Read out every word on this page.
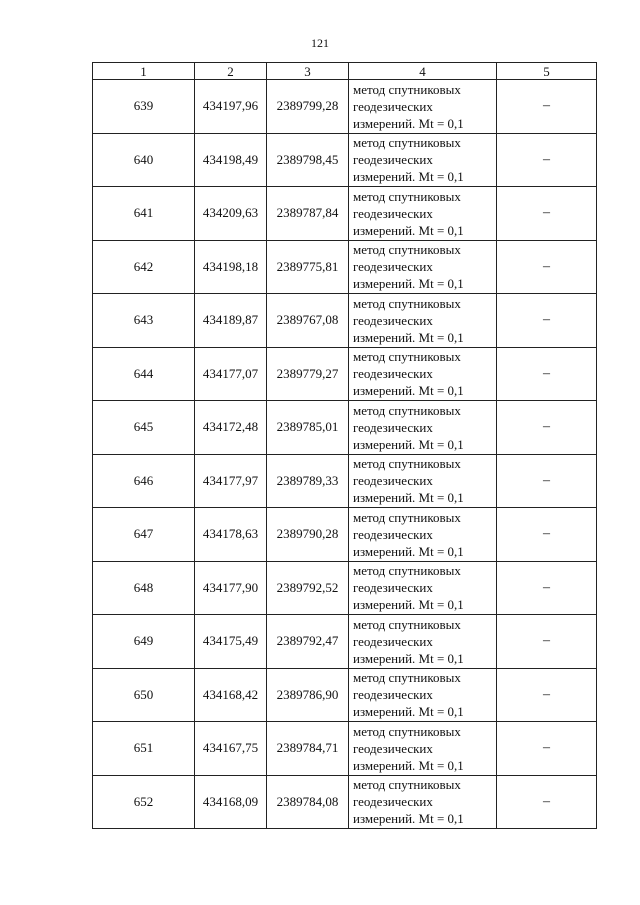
121
1	2	3	4	5
639	434197,96	2389799,28	метод спутниковых
геодезических
измерений. Mt = 0,1	–
640	434198,49	2389798,45	метод спутниковых
геодезических
измерений. Mt = 0,1	–
641	434209,63	2389787,84	метод спутниковых
геодезических
измерений. Mt = 0,1	–
642	434198,18	2389775,81	метод спутниковых
геодезических
измерений. Mt = 0,1	–
643	434189,87	2389767,08	метод спутниковых
геодезических
измерений. Mt = 0,1	–
644	434177,07	2389779,27	метод спутниковых
геодезических
измерений. Mt = 0,1	–
645	434172,48	2389785,01	метод спутниковых
геодезических
измерений. Mt = 0,1	–
646	434177,97	2389789,33	метод спутниковых
геодезических
измерений. Mt = 0,1	–
647	434178,63	2389790,28	метод спутниковых
геодезических
измерений. Mt = 0,1	–
648	434177,90	2389792,52	метод спутниковых
геодезических
измерений. Mt = 0,1	–
649	434175,49	2389792,47	метод спутниковых
геодезических
измерений. Mt = 0,1	–
650	434168,42	2389786,90	метод спутниковых
геодезических
измерений. Mt = 0,1	–
651	434167,75	2389784,71	метод спутниковых
геодезических
измерений. Mt = 0,1	–
652	434168,09	2389784,08	метод спутниковых
геодезических
измерений. Mt = 0,1	–
